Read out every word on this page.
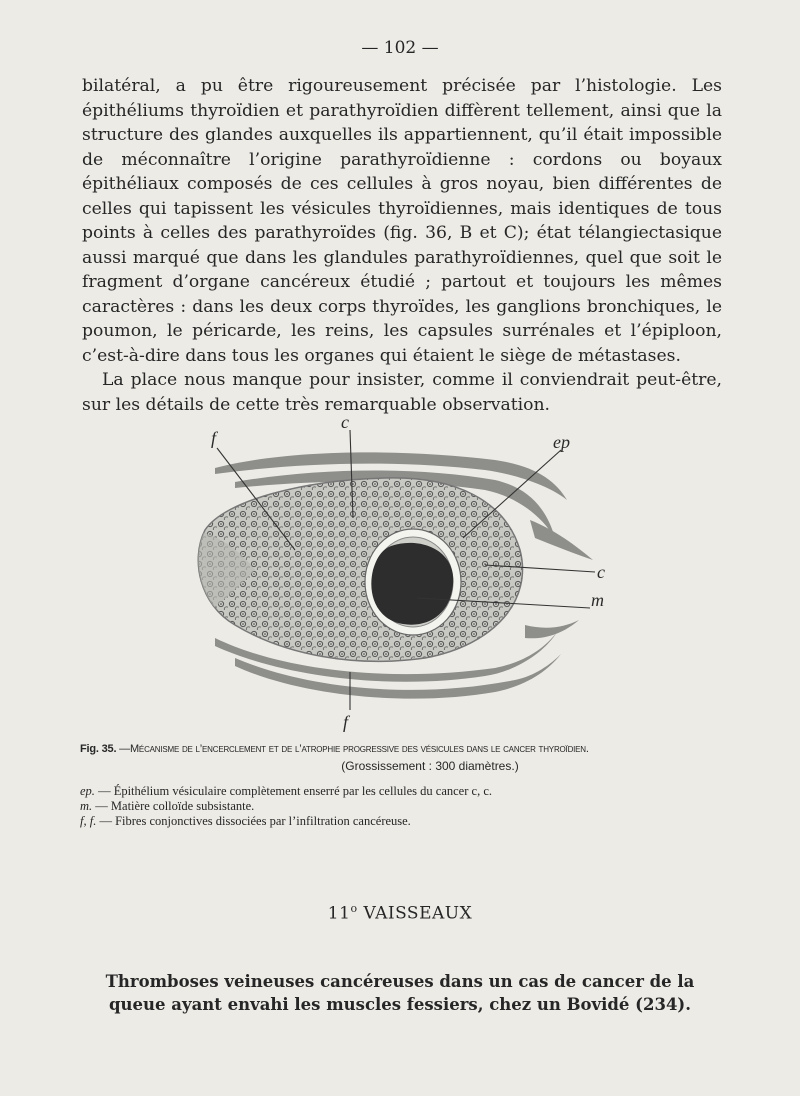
— 102 —

bilatéral, a pu être rigoureusement précisée par l’histologie. Les épithéliums thyroïdien et parathyroïdien diffèrent tellement, ainsi que la structure des glandes auxquelles ils appartiennent, qu’il était impossible de méconnaître l’origine parathyroïdienne : cordons ou boyaux épithéliaux composés de ces cellules à gros noyau, bien différentes de celles qui tapissent les vésicules thyroïdiennes, mais identiques de tous points à celles des parathyroïdes (fig. 36, B et C); état télangiectasique aussi marqué que dans les glandules parathyroïdiennes, quel que soit le fragment d’organe cancéreux étudié ; partout et toujours les mêmes caractères : dans les deux corps thyroïdes, les ganglions bronchiques, le poumon, le péricarde, les reins, les capsules surrénales et l’épiploon, c’est-à-dire dans tous les organes qui étaient le siège de métastases.

La place nous manque pour insister, comme il conviendrait peut-être, sur les détails de cette très remarquable observation.

f
c
ep
c
m
f
Fig. 35. —Mécanisme de l’encerclement et de l’atrophie progressive des vésicules dans le cancer thyroïdien.
(Grossissement : 300 diamètres.)
ep. — Épithélium vésiculaire complètement enserré par les cellules du cancer c, c.
m. — Matière colloïde subsistante.
f, f. — Fibres conjonctives dissociées par l’infiltration cancéreuse.
11$^o$ VAISSEAUX
Thromboses veineuses cancéreuses dans un cas de cancer de la queue ayant envahi les muscles fessiers, chez un Bovidé (234).
